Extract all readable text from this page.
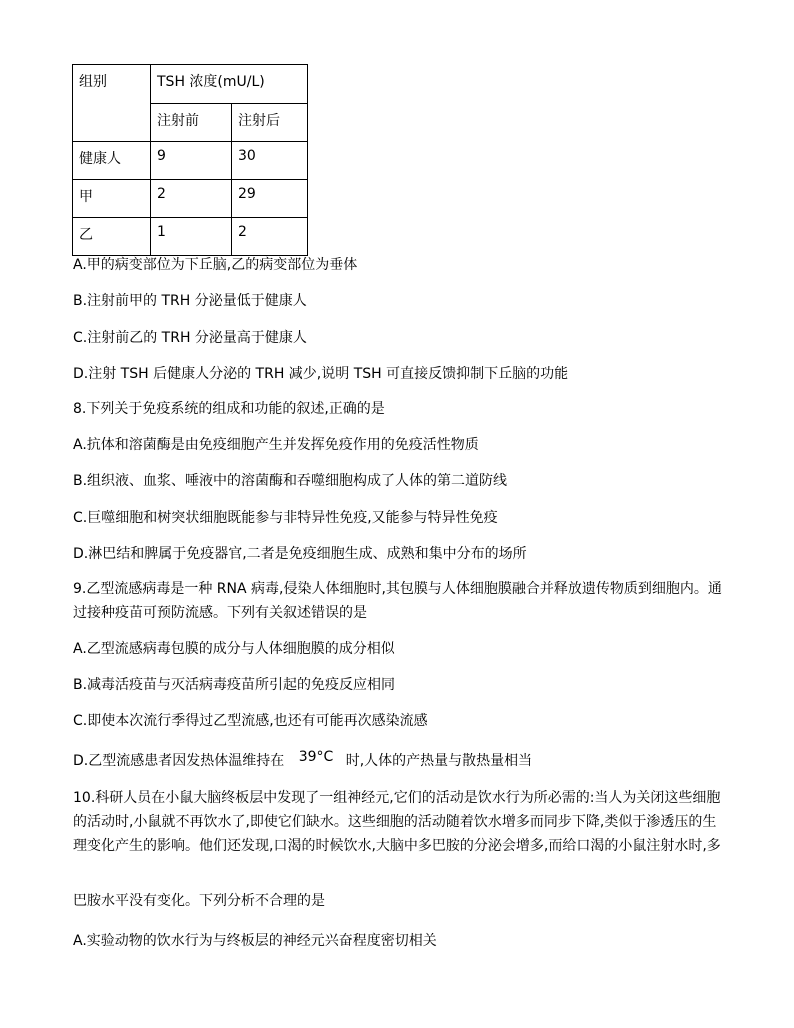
组别	TSH 浓度(mU/L)	
	注射前	注射后
健康人	9	30
甲	2	29
乙	1	2
A.甲的病变部位为下丘脑,乙的病变部位为垂体
B.注射前甲的 TRH 分泌量低于健康人
C.注射前乙的 TRH 分泌量高于健康人
D.注射 TSH 后健康人分泌的 TRH 减少,说明 TSH 可直接反馈抑制下丘脑的功能
8.下列关于免疫系统的组成和功能的叙述,正确的是
A.抗体和溶菌酶是由免疫细胞产生并发挥免疫作用的免疫活性物质
B.组织液、血浆、唾液中的溶菌酶和吞噬细胞构成了人体的第二道防线
C.巨噬细胞和树突状细胞既能参与非特异性免疫,又能参与特异性免疫
D.淋巴结和脾属于免疫器官,二者是免疫细胞生成、成熟和集中分布的场所
9.乙型流感病毒是一种 RNA 病毒,侵染人体细胞时,其包膜与人体细胞膜融合并释放遗传物质到细胞内。通过接种疫苗可预防流感。下列有关叙述错误的是
A.乙型流感病毒包膜的成分与人体细胞膜的成分相似
B.减毒活疫苗与灭活病毒疫苗所引起的免疫反应相同
C.即使本次流行季得过乙型流感,也还有可能再次感染流感
D.乙型流感患者因发热体温维持在 39°C 时,人体的产热量与散热量相当
10.科研人员在小鼠大脑终板层中发现了一组神经元,它们的活动是饮水行为所必需的:当人为关闭这些细胞的活动时,小鼠就不再饮水了,即使它们缺水。这些细胞的活动随着饮水增多而同步下降,类似于渗透压的生理变化产生的影响。他们还发现,口渴的时候饮水,大脑中多巴胺的分泌会增多,而给口渴的小鼠注射水时,多
巴胺水平没有变化。下列分析不合理的是
A.实验动物的饮水行为与终板层的神经元兴奋程度密切相关
